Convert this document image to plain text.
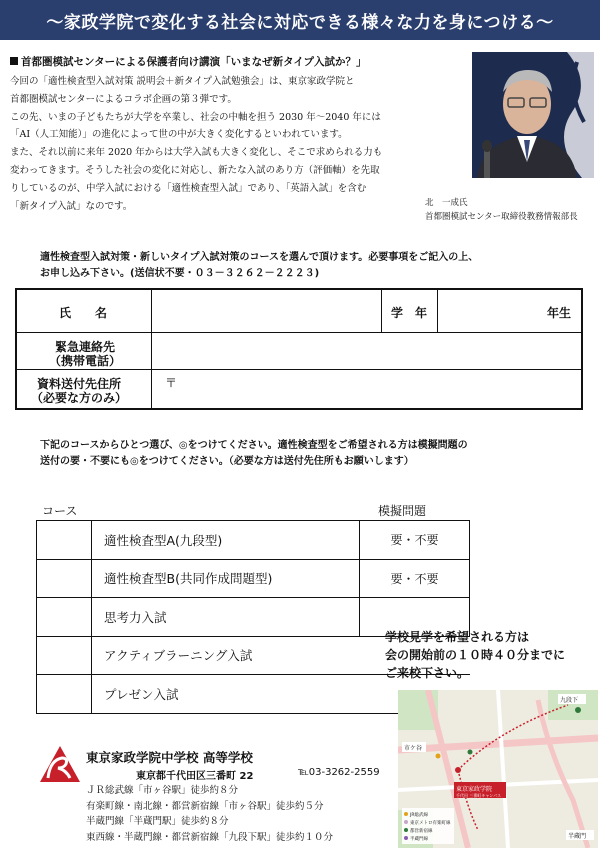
～家政学院で変化する社会に対応できる様々な力を身につける～
首都圏模試センターによる保護者向け講演「いまなぜ新タイプ入試か？」

今回の「適性検査型入試対策 説明会＋新タイプ入試勉強会」は、東京家政学院と
首都圏模試センターによるコラボ企画の第３弾です。
この先、いまの子どもたちが大学を卒業し、社会の中軸を担う 2030 年～2040 年には
「AI（人工知能）」の進化によって世の中が大きく変化するといわれています。
また、それ以前に来年 2020 年からは大学入試も大きく変化し、そこで求められる力も
変わってきます。そうした社会の変化に対応し、新たな入試のあり方（評価軸）を先取
りしているのが、中学入試における「適性検査型入試」であり、「英語入試」を含む
「新タイプ入試」なのです。	北　一成氏
首都圏模試センター取締役教務情報部長
適性検査型入試対策・新しいタイプ入試対策のコースを選んで頂けます。必要事項をご記入の上、
お申し込み下さい。(送信状不要・０３－３２６２－２２２３)
氏　　名	学　年	年生
緊急連絡先
（携帯電話）
資料送付先住所
（必要な方のみ）
〒
下記のコースからひとつ選び、◎をつけてください。適性検査型をご希望される方は模擬問題の
送付の要・不要にも◎をつけてください。（必要な方は送付先住所もお願いします）
コース	模擬問題
適性検査型A(九段型)	要・不要
適性検査型B(共同作成問題型)	要・不要
思考力入試
アクティブラーニング入試
プレゼン入試
学校見学を希望される方は
会の開始前の１０時４０分までに
ご来校下さい。
東京家政学院
千代田 三番町キャンパス
九段下
市ケ谷
半蔵門
JR総武線
東京メトロ有楽町線
都営新宿線
半蔵門線
東京家政学院中学校 高等学校
東京都千代田区三番町 22	℡03-3262-2559
ＪＲ総武線「市ヶ谷駅」徒歩約８分
有楽町線・南北線・都営新宿線「市ヶ谷駅」徒歩約５分
半蔵門線「半蔵門駅」徒歩約８分
東西線・半蔵門線・都営新宿線「九段下駅」徒歩約１０分
